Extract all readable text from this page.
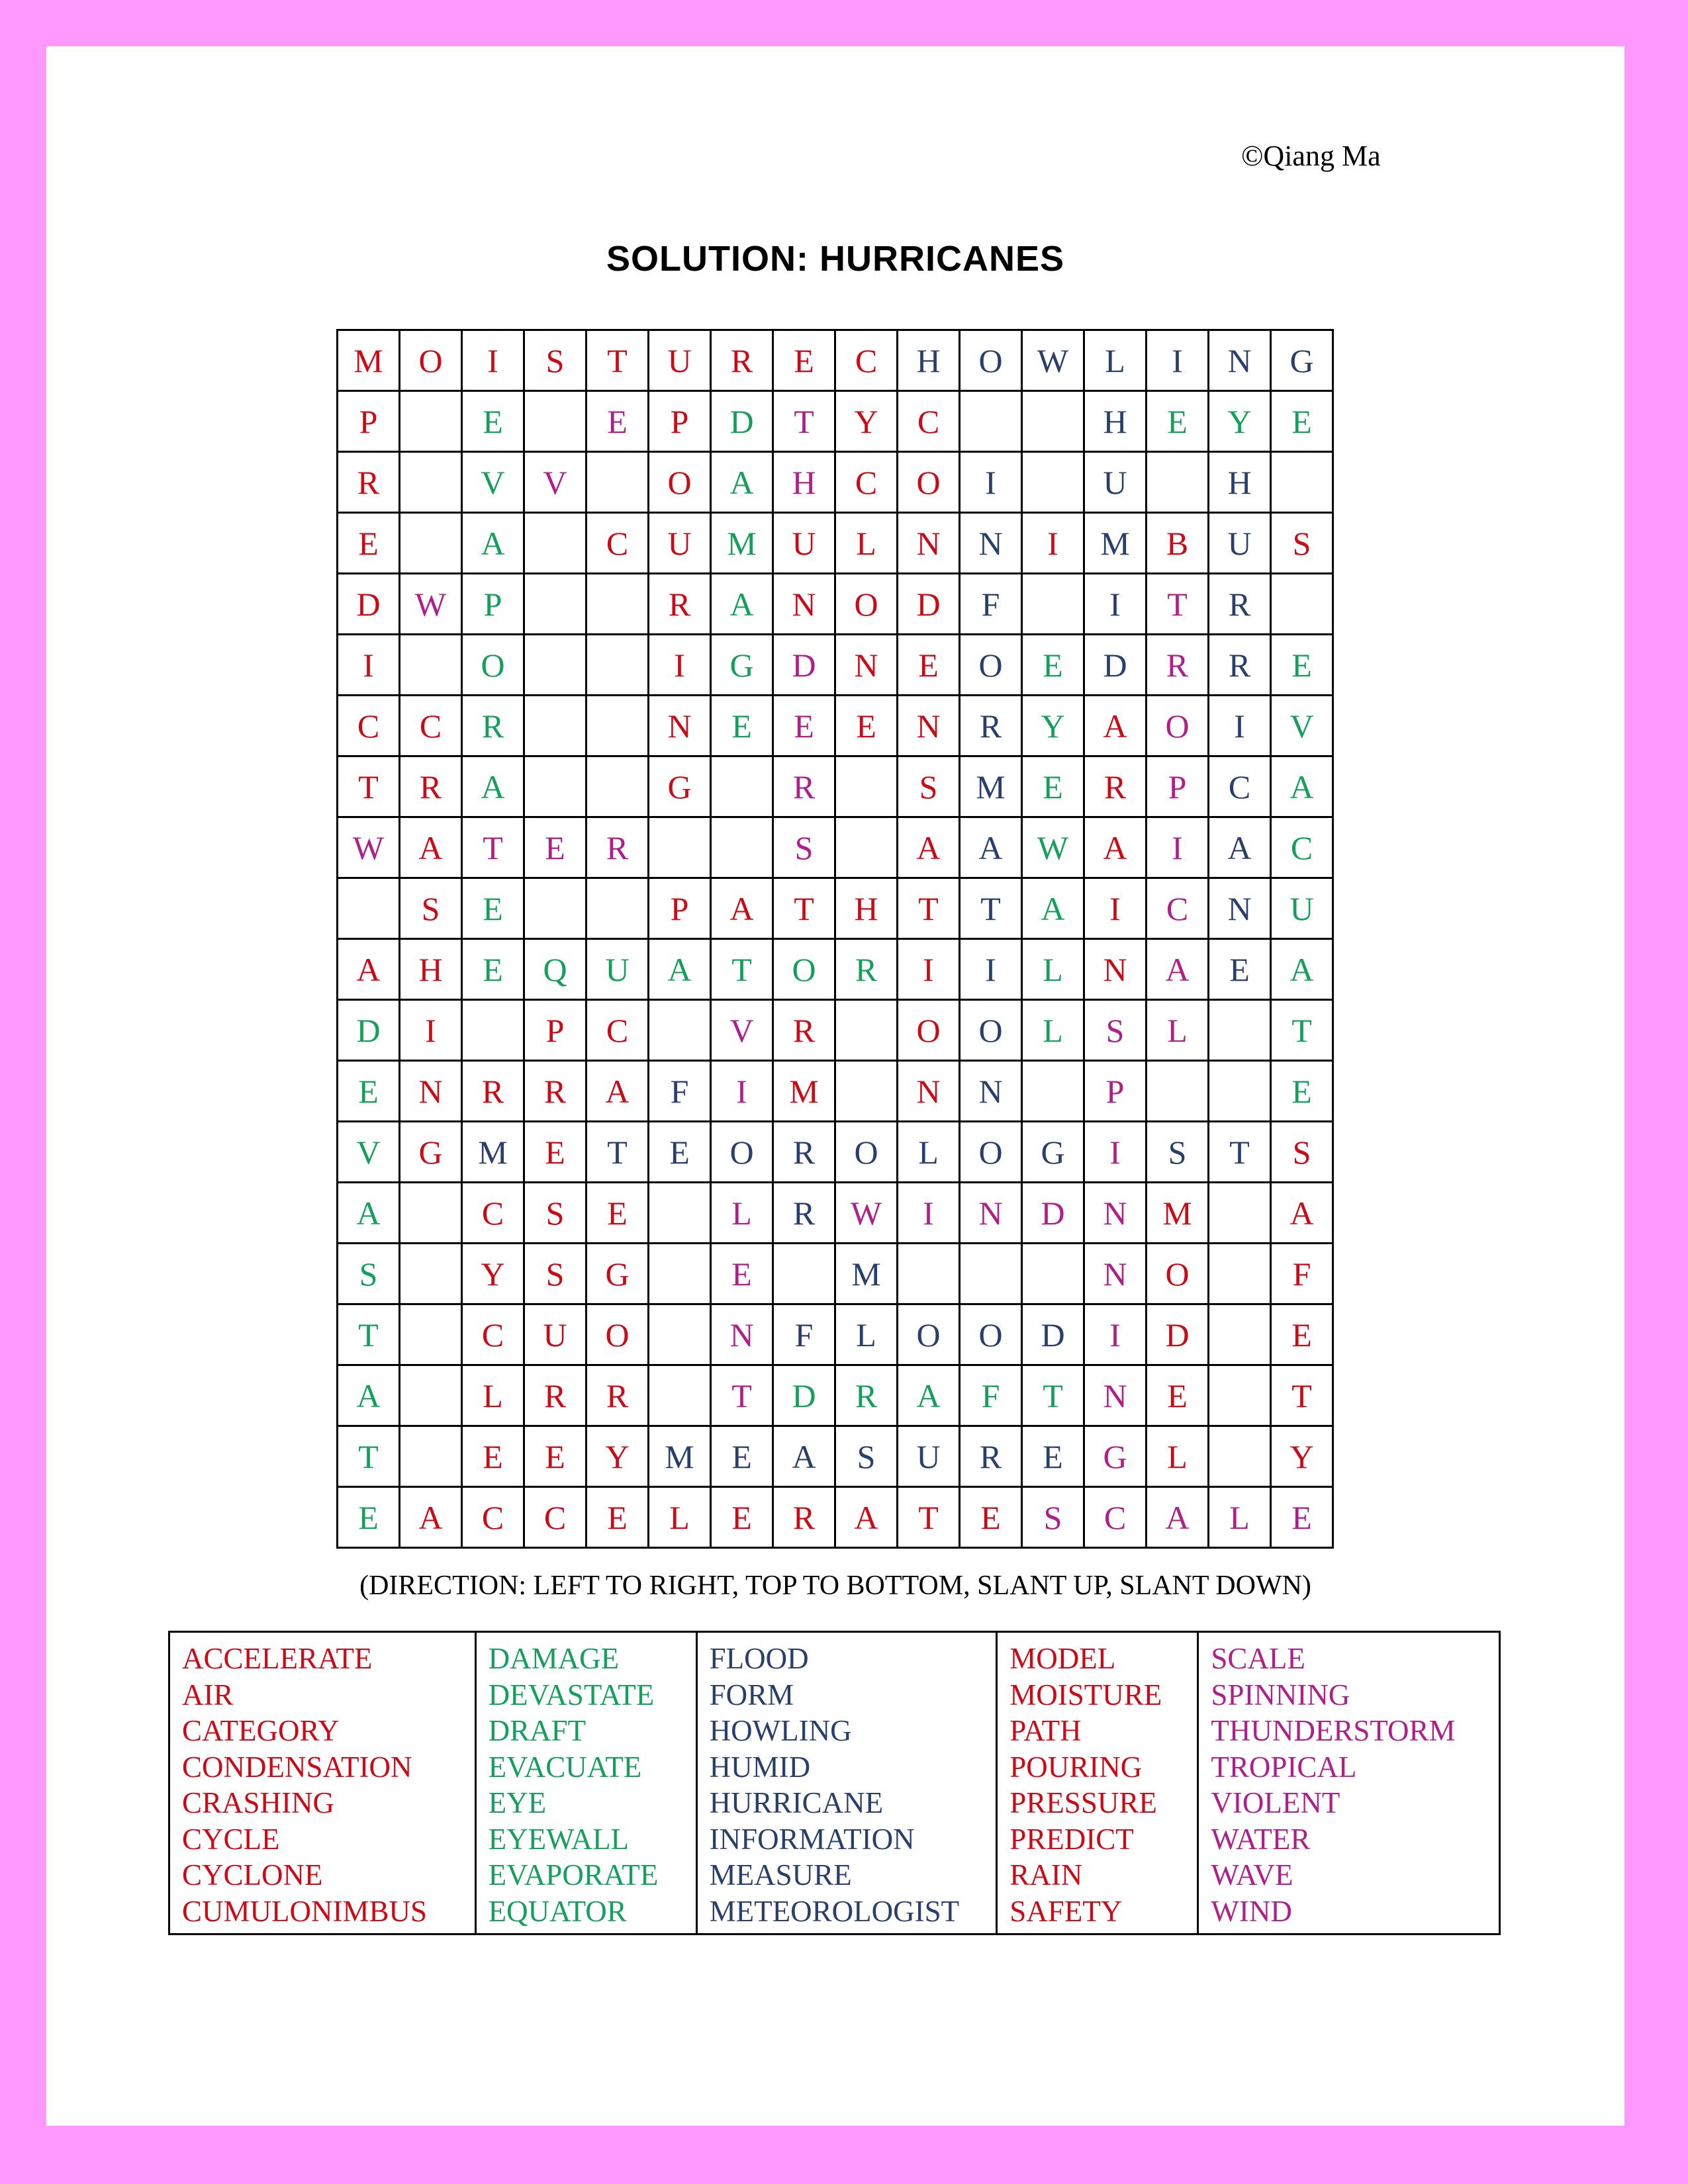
©Qiang Ma
SOLUTION: HURRICANES
M	O	I	S	T	U	R	E	C	H	O	W	L	I	N	G
P		E		E	P	D	T	Y	C			H	E	Y	E
R		V	V		O	A	H	C	O	I		U		H	
E		A		C	U	M	U	L	N	N	I	M	B	U	S
D	W	P			R	A	N	O	D	F		I	T	R	
I		O			I	G	D	N	E	O	E	D	R	R	E
C	C	R			N	E	E	E	N	R	Y	A	O	I	V
T	R	A			G		R		S	M	E	R	P	C	A
W	A	T	E	R			S		A	A	W	A	I	A	C
	S	E			P	A	T	H	T	T	A	I	C	N	U
A	H	E	Q	U	A	T	O	R	I	I	L	N	A	E	A
D	I		P	C		V	R		O	O	L	S	L		T
E	N	R	R	A	F	I	M		N	N		P			E
V	G	M	E	T	E	O	R	O	L	O	G	I	S	T	S
A		C	S	E		L	R	W	I	N	D	N	M		A
S		Y	S	G		E		M				N	O		F
T		C	U	O		N	F	L	O	O	D	I	D		E
A		L	R	R		T	D	R	A	F	T	N	E		T
T		E	E	Y	M	E	A	S	U	R	E	G	L		Y
E	A	C	C	E	L	E	R	A	T	E	S	C	A	L	E
(DIRECTION: LEFT TO RIGHT, TOP TO BOTTOM, SLANT UP, SLANT DOWN)
ACCELERATE
AIR
CATEGORY
CONDENSATION
CRASHING
CYCLE
CYCLONE
CUMULONIMBUS
DAMAGE
DEVASTATE
DRAFT
EVACUATE
EYE
EYEWALL
EVAPORATE
EQUATOR
FLOOD
FORM
HOWLING
HUMID
HURRICANE
INFORMATION
MEASURE
METEOROLOGIST
MODEL
MOISTURE
PATH
POURING
PRESSURE
PREDICT
RAIN
SAFETY
SCALE
SPINNING
THUNDERSTORM
TROPICAL
VIOLENT
WATER
WAVE
WIND
